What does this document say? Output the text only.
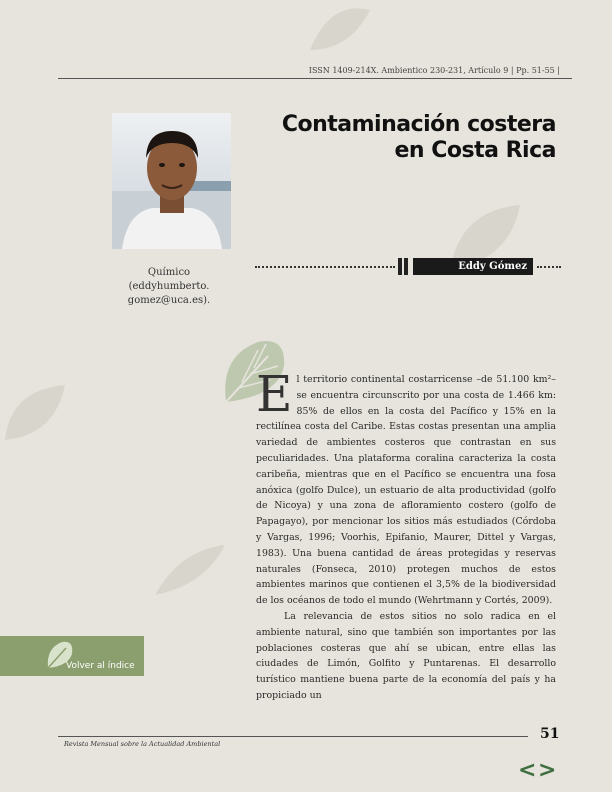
ISSN 1409-214X. Ambientico 230-231, Artículo 9 | Pp. 51-55 |
Contaminación costera
en Costa Rica
Eddy Gómez
Químico
(eddyhumberto.
gomez@uca.es).

El territorio continental costarricense –de 51.100 km²– se encuentra circunscrito por una costa de 1.466 km: 85% de ellos en la costa del Pacífico y 15% en la rectilínea costa del Caribe. Estas costas presentan una amplia variedad de ambientes costeros que contrastan en sus peculiaridades. Una plataforma coralina caracteriza la costa caribeña, mientras que en el Pacífico se encuentra una fosa anóxica (golfo Dulce), un estuario de alta productividad (golfo de Nicoya) y una zona de afloramiento costero (golfo de Papagayo), por mencionar los sitios más estudiados (Córdoba y Vargas, 1996; Voorhis, Epifanio, Maurer, Dittel y Vargas, 1983). Una buena cantidad de áreas protegidas y reservas naturales (Fonseca, 2010) protegen muchos de estos ambientes marinos que contienen el 3,5% de la biodiversidad de los océanos de todo el mundo (Wehrtmann y Cortés, 2009).

La relevancia de estos sitios no solo radica en el ambiente natural, sino que también son importantes por las poblaciones costeras que ahí se ubican, entre ellas las ciudades de Limón, Golfito y Puntarenas. El desarrollo turístico mantiene buena parte de la economía del país y ha propiciado un

Volver al índice
Revista Mensual sobre la Actualidad Ambiental
51
< >
